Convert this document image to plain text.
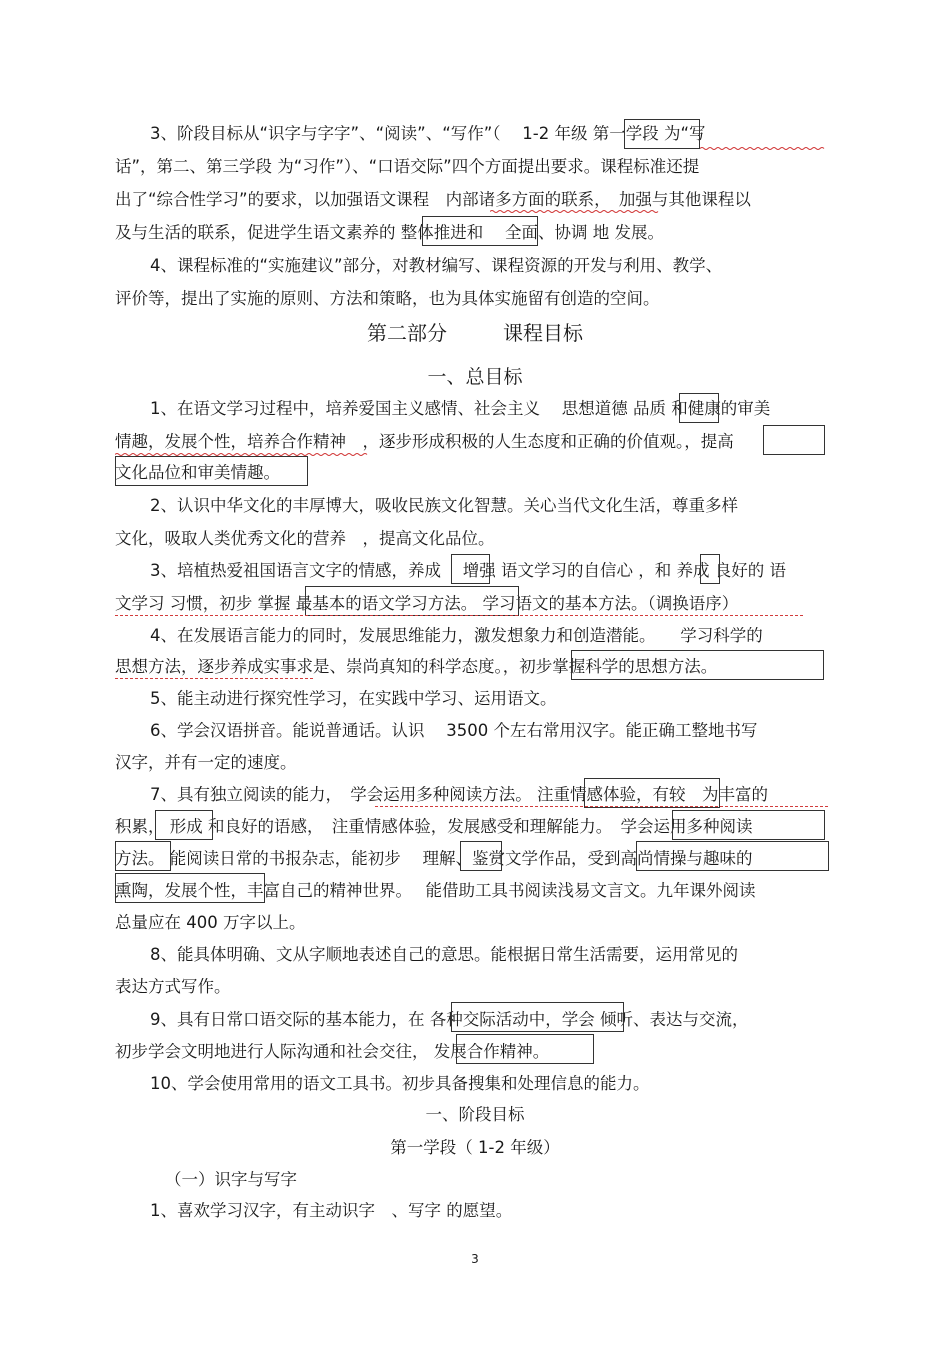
3、阶段目标从“识字与字字”、“阅读”、“写作”（　 1-2 年级 第一学段 为“写
话”，第二、第三学段 为“习作”）、“口语交际”四个方面提出要求。课程标准还提
出了“综合性学习”的要求，以加强语文课程　内部诸多方面的联系，　加强与其他课程以
及与生活的联系，促进学生语文素养的 整体推进和　 全面、协调 地 发展。
4、课程标准的“实施建议”部分，对教材编写、课程资源的开发与利用、教学、
评价等，提出了实施的原则、方法和策略，也为具体实施留有创造的空间。
第二部分	课程目标
一、总目标
1、在语文学习过程中，培养爱国主义感情、社会主义　 思想道德 品质 和健康的审美
情趣，发展个性，培养合作精神　，逐步形成积极的人生态度和正确的价值观。，提高
文化品位和审美情趣。
2、认识中华文化的丰厚博大，吸收民族文化智慧。关心当代文化生活，尊重多样
文化，吸取人类优秀文化的营养　，提高文化品位。
3、培植热爱祖国语言文字的情感，养成　 增强 语文学习的自信心 ，和 养成 良好的 语
文学习 习惯，初步 掌握 最基本的语文学习方法。 学习语文的基本方法。（调换语序）
4、在发展语言能力的同时，发展思维能力，激发想象力和创造潜能。　　学习科学的
思想方法，逐步养成实事求是、崇尚真知的科学态度。，初步掌握科学的思想方法。
5、能主动进行探究性学习，在实践中学习、运用语文。
6、学会汉语拼音。能说普通话。认识　 3500 个左右常用汉字。能正确工整地书写
汉字，并有一定的速度。
7、具有独立阅读的能力，　学会运用多种阅读方法。 注重情感体验，有较　为丰富的
积累， 形成 和良好的语感，　注重情感体验，发展感受和理解能力。　学会运用多种阅读
方法。 能阅读日常的书报杂志，能初步　 理解、鉴赏文学作品，受到高尚情操与趣味的
熏陶，发展个性，丰富自己的精神世界。　 能借助工具书阅读浅易文言文。九年课外阅读
总量应在 400 万字以上。
8、能具体明确、文从字顺地表述自己的意思。能根据日常生活需要，运用常见的
表达方式写作。
9、具有日常口语交际的基本能力，在 各种交际活动中，学会 倾听、表达与交流，
初步学会文明地进行人际沟通和社会交往， 发展合作精神。
10、学会使用常用的语文工具书。初步具备搜集和处理信息的能力。
一、阶段目标
第一学段（ 1-2 年级）
（一）识字与写字
1、喜欢学习汉字，有主动识字　、写字 的愿望。
3
